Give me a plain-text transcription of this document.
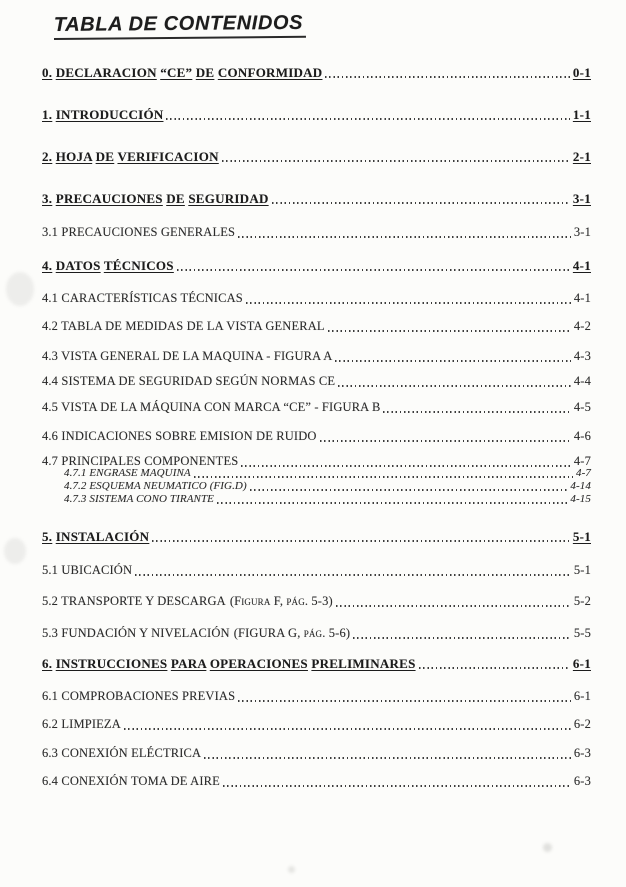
TABLA DE CONTENIDOS
0. DECLARACION “CE” DE CONFORMIDAD	0-1
1. INTRODUCCIÓN	1-1
2. HOJA DE VERIFICACION	2-1
3. PRECAUCIONES DE SEGURIDAD	3-1
3.1 PRECAUCIONES GENERALES	3-1
4. DATOS TÉCNICOS	4-1
4.1 CARACTERÍSTICAS TÉCNICAS	4-1
4.2 TABLA DE MEDIDAS DE LA VISTA GENERAL	4-2
4.3 VISTA GENERAL DE LA MAQUINA - FIGURA A	4-3
4.4 SISTEMA DE SEGURIDAD SEGÚN NORMAS CE	4-4
4.5 VISTA DE LA MÁQUINA CON MARCA “CE” - FIGURA B	4-5
4.6 INDICACIONES SOBRE EMISION DE RUIDO	4-6
4.7 PRINCIPALES COMPONENTES	4-7
4.7.1 ENGRASE MAQUINA	4-7
4.7.2 ESQUEMA NEUMATICO (FIG.D)	4-14
4.7.3 SISTEMA CONO TIRANTE	4-15
5. INSTALACIÓN	5-1
5.1 UBICACIÓN	5-1
5.2 TRANSPORTE Y DESCARGA (Figura F, pág. 5-3)	5-2
5.3 FUNDACIÓN Y NIVELACIÓN (FIGURA G, pág. 5-6)	5-5
6. INSTRUCCIONES PARA OPERACIONES PRELIMINARES	6-1
6.1 COMPROBACIONES PREVIAS	6-1
6.2 LIMPIEZA	6-2
6.3 CONEXIÓN ELÉCTRICA	6-3
6.4 CONEXIÓN TOMA DE AIRE	6-3
